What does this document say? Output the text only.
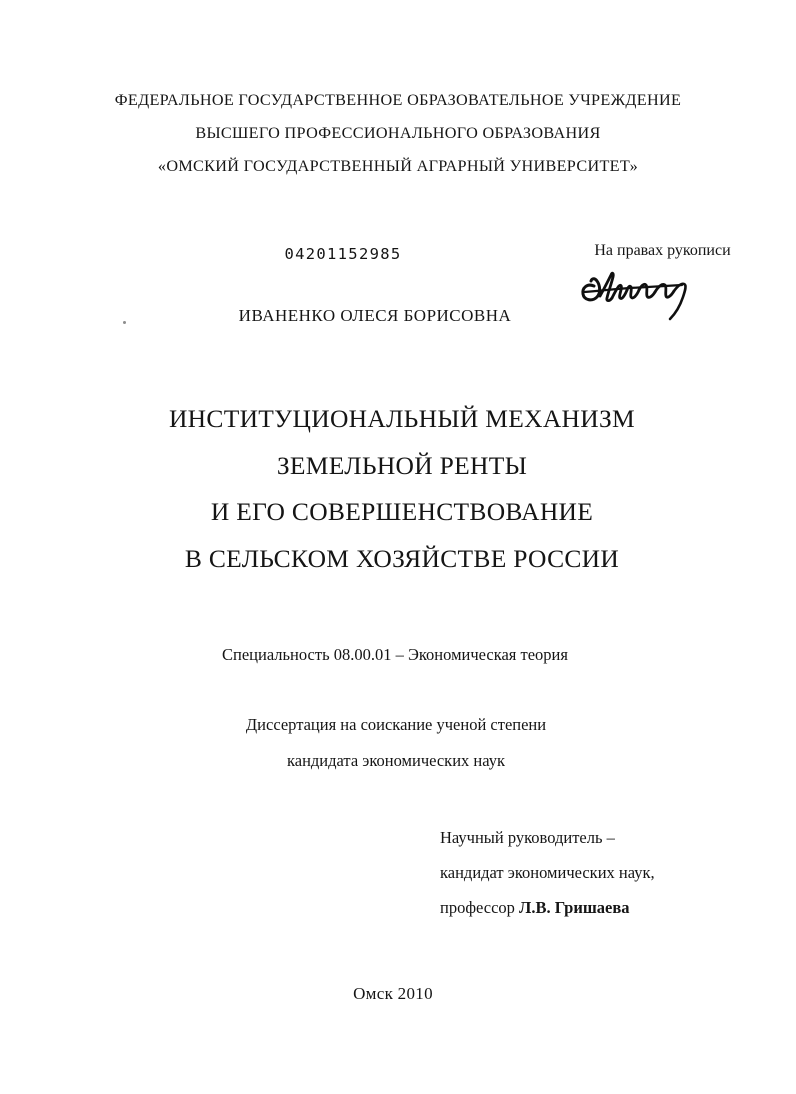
ФЕДЕРАЛЬНОЕ ГОСУДАРСТВЕННОЕ ОБРАЗОВАТЕЛЬНОЕ УЧРЕЖДЕНИЕ
ВЫСШЕГО ПРОФЕССИОНАЛЬНОГО ОБРАЗОВАНИЯ
«ОМСКИЙ ГОСУДАРСТВЕННЫЙ АГРАРНЫЙ УНИВЕРСИТЕТ»
04201152985	На правах рукописи
ИВАНЕНКО ОЛЕСЯ БОРИСОВНА
ИНСТИТУЦИОНАЛЬНЫЙ МЕХАНИЗМ
ЗЕМЕЛЬНОЙ РЕНТЫ
И ЕГО СОВЕРШЕНСТВОВАНИЕ
В СЕЛЬСКОМ ХОЗЯЙСТВЕ РОССИИ
Специальность 08.00.01 – Экономическая теория
Диссертация на соискание ученой степени
кандидата экономических наук
Научный руководитель –
кандидат экономических наук,
профессор Л.В. Гришаева
Омск 2010
